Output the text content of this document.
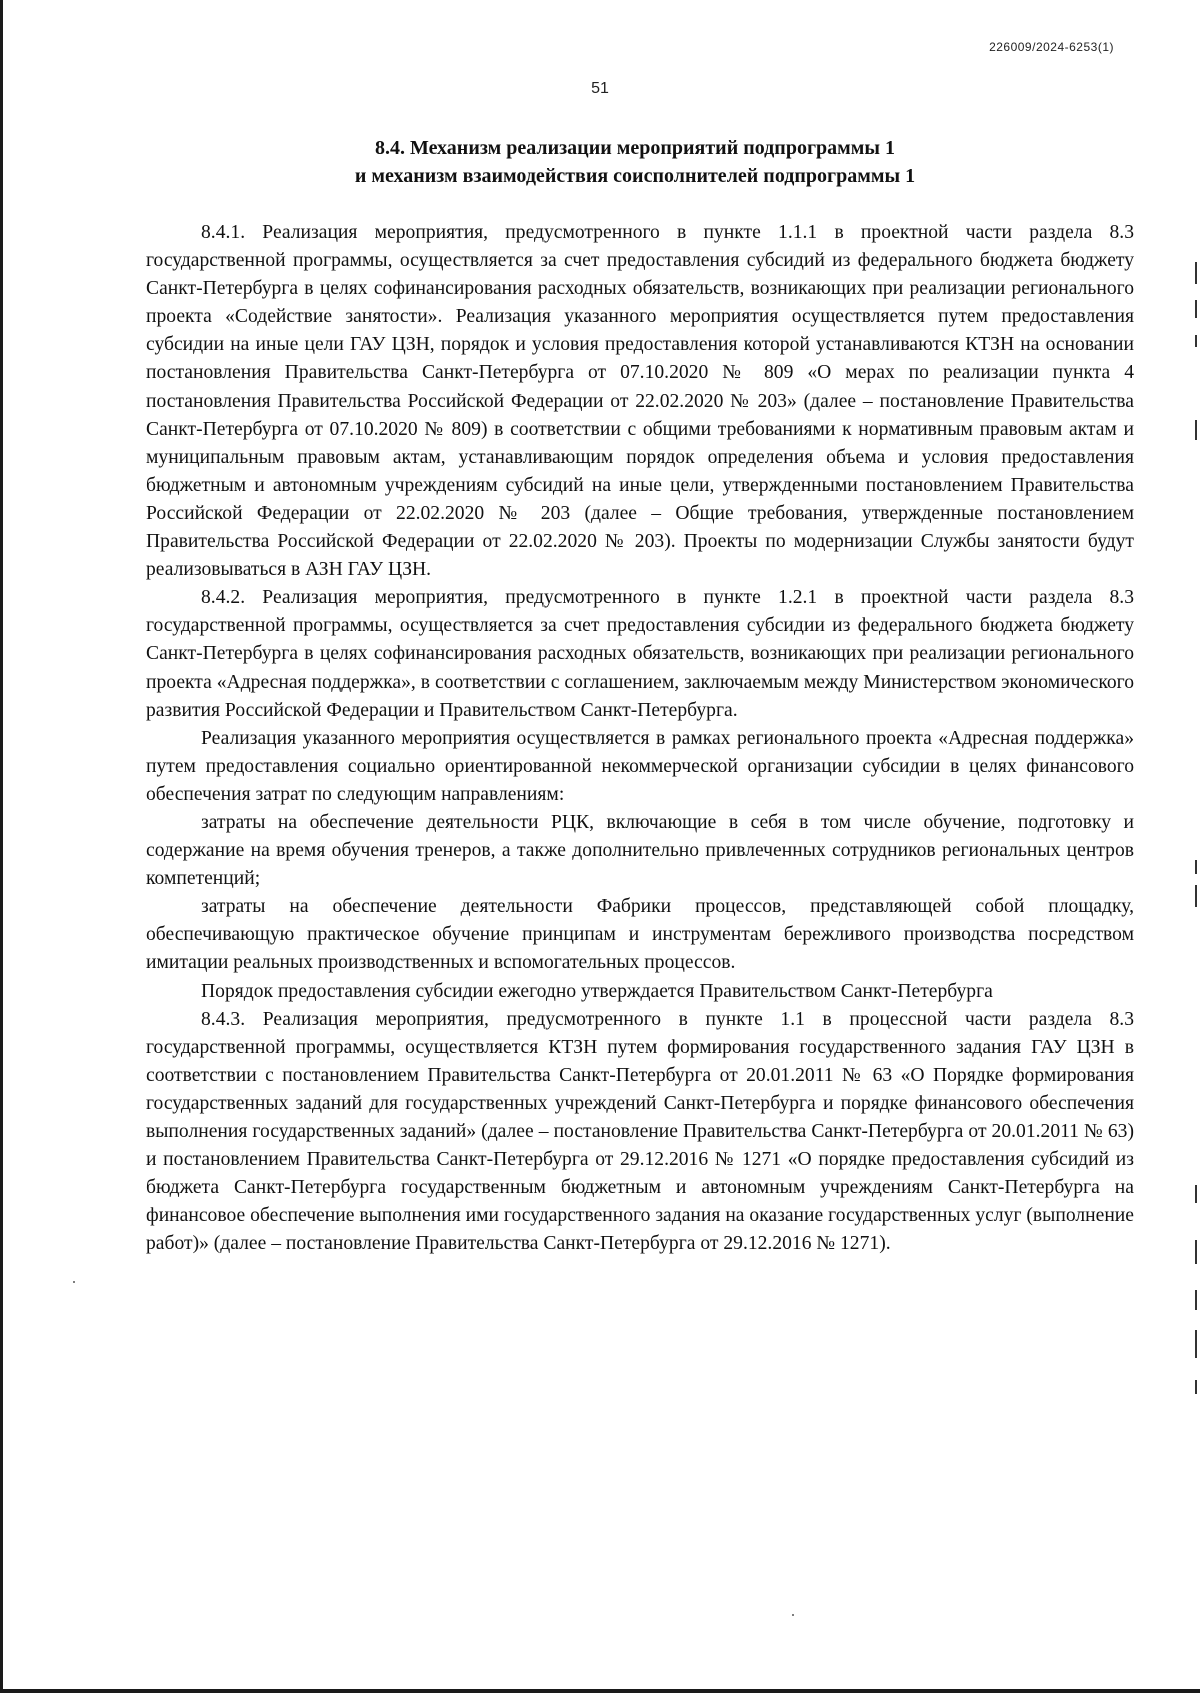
226009/2024-6253(1)
51
8.4. Механизм реализации мероприятий подпрограммы 1
и механизм взаимодействия соисполнителей подпрограммы 1

8.4.1. Реализация мероприятия, предусмотренного в пункте 1.1.1 в проектной части раздела 8.3 государственной программы, осуществляется за счет предоставления субсидий из федерального бюджета бюджету Санкт-Петербурга в целях софинансирования расходных обязательств, возникающих при реализации регионального проекта «Содействие занятости». Реализация указанного мероприятия осуществляется путем предоставления субсидии на иные цели ГАУ ЦЗН, порядок и условия предоставления которой устанавливаются КТЗН на основании постановления Правительства Санкт-Петербурга от 07.10.2020 № 809 «О мерах по реализации пункта 4 постановления Правительства Российской Федерации от 22.02.2020 № 203» (далее – постановление Правительства Санкт-Петербурга от 07.10.2020 № 809) в соответствии с общими требованиями к нормативным правовым актам и муниципальным правовым актам, устанавливающим порядок определения объема и условия предоставления бюджетным и автономным учреждениям субсидий на иные цели, утвержденными постановлением Правительства Российской Федерации от 22.02.2020 № 203 (далее – Общие требования, утвержденные постановлением Правительства Российской Федерации от 22.02.2020 № 203). Проекты по модернизации Службы занятости будут реализовываться в АЗН ГАУ ЦЗН.

8.4.2. Реализация мероприятия, предусмотренного в пункте 1.2.1 в проектной части раздела 8.3 государственной программы, осуществляется за счет предоставления субсидии из федерального бюджета бюджету Санкт-Петербурга в целях софинансирования расходных обязательств, возникающих при реализации регионального проекта «Адресная поддержка», в соответствии с соглашением, заключаемым между Министерством экономического развития Российской Федерации и Правительством Санкт-Петербурга.

Реализация указанного мероприятия осуществляется в рамках регионального проекта «Адресная поддержка» путем предоставления социально ориентированной некоммерческой организации субсидии в целях финансового обеспечения затрат по следующим направлениям:

затраты на обеспечение деятельности РЦК, включающие в себя в том числе обучение, подготовку и содержание на время обучения тренеров, а также дополнительно привлеченных сотрудников региональных центров компетенций;

затраты на обеспечение деятельности Фабрики процессов, представляющей собой площадку, обеспечивающую практическое обучение принципам и инструментам бережливого производства посредством имитации реальных производственных и вспомогательных процессов.

Порядок предоставления субсидии ежегодно утверждается Правительством Санкт-Петербурга

8.4.3. Реализация мероприятия, предусмотренного в пункте 1.1 в процессной части раздела 8.3 государственной программы, осуществляется КТЗН путем формирования государственного задания ГАУ ЦЗН в соответствии с постановлением Правительства Санкт-Петербурга от 20.01.2011 № 63 «О Порядке формирования государственных заданий для государственных учреждений Санкт-Петербурга и порядке финансового обеспечения выполнения государственных заданий» (далее – постановление Правительства Санкт-Петербурга от 20.01.2011 № 63) и постановлением Правительства Санкт-Петербурга от 29.12.2016 № 1271 «О порядке предоставления субсидий из бюджета Санкт-Петербурга государственным бюджетным и автономным учреждениям Санкт-Петербурга на финансовое обеспечение выполнения ими государственного задания на оказание государственных услуг (выполнение работ)» (далее – постановление Правительства Санкт-Петербурга от 29.12.2016 № 1271).
